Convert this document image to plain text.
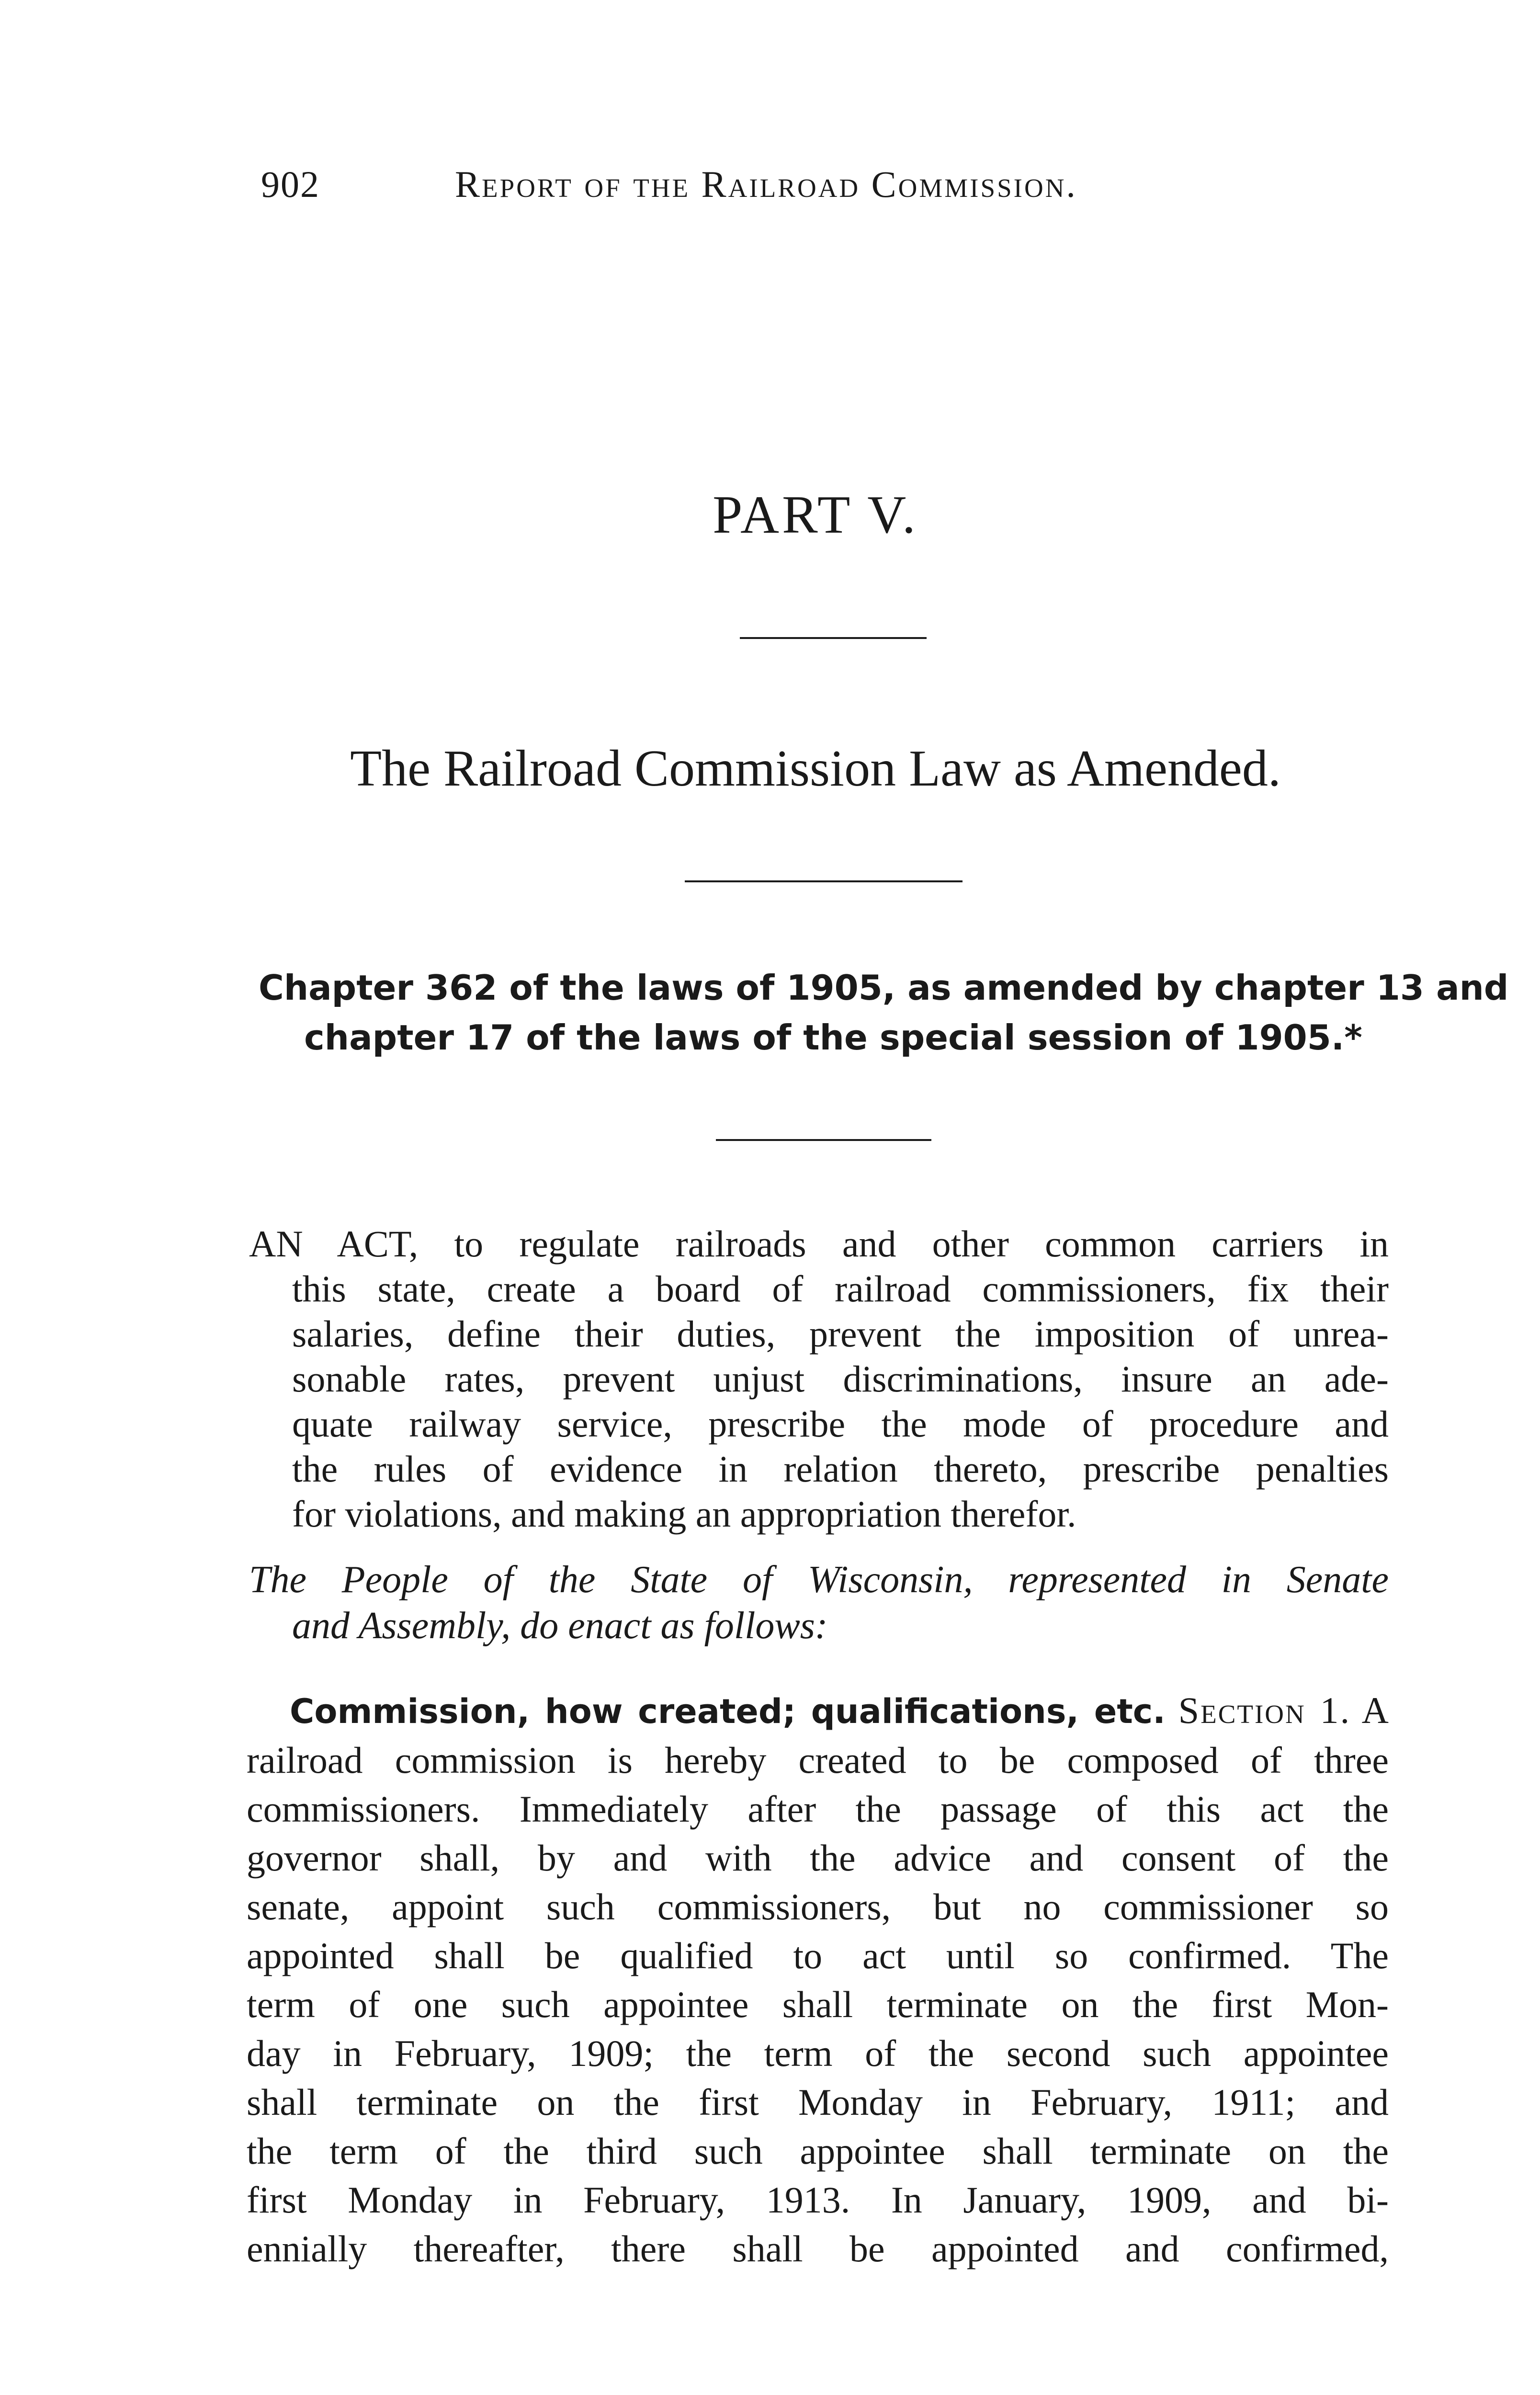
902	Report of the Railroad Commission.
PART V.
The Railroad Commission Law as Amended.
Chapter 362 of the laws of 1905, as amended by chapter 13 and
chapter 17 of the laws of the special session of 1905.*
AN ACT, to regulate railroads and other common carriers in
this state, create a board of railroad commissioners, fix their
salaries, define their duties, prevent the imposition of unrea-
sonable rates, prevent unjust discriminations, insure an ade-
quate railway service, prescribe the mode of procedure and
the rules of evidence in relation thereto, prescribe penalties
for violations, and making an appropriation therefor.
The People of the State of Wisconsin, represented in Senate
and Assembly, do enact as follows:
Commission, how created; qualifications, etc. Section 1. A
railroad commission is hereby created to be composed of three
commissioners. Immediately after the passage of this act the
governor shall, by and with the advice and consent of the
senate, appoint such commissioners, but no commissioner so
appointed shall be qualified to act until so confirmed. The
term of one such appointee shall terminate on the first Mon-
day in February, 1909; the term of the second such appointee
shall terminate on the first Monday in February, 1911; and
the term of the third such appointee shall terminate on the
first Monday in February, 1913. In January, 1909, and bi-
ennially thereafter, there shall be appointed and confirmed,
